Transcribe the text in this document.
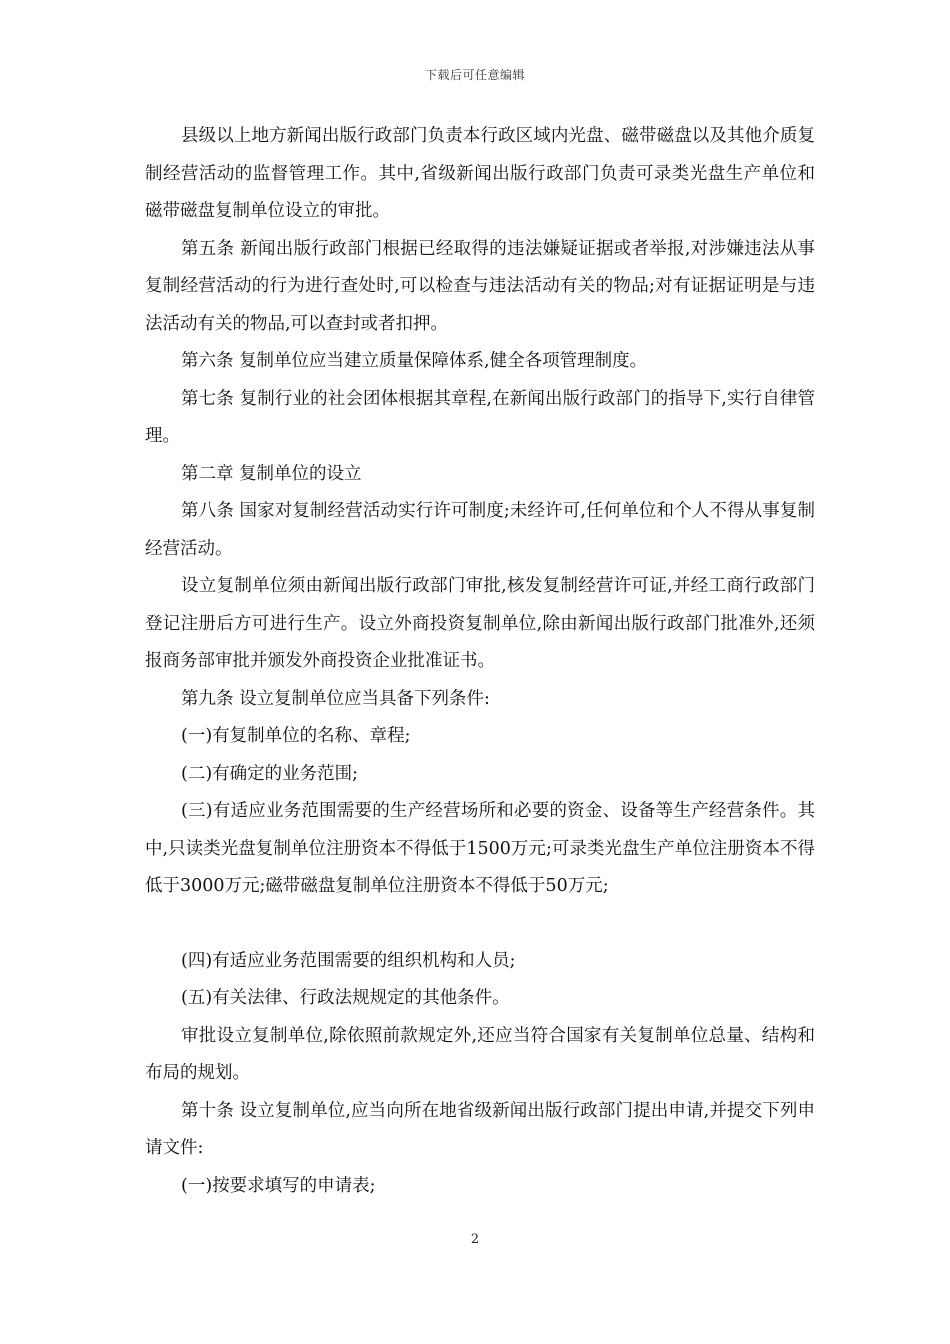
下载后可任意编辑

县级以上地方新闻出版行政部门负责本行政区域内光盘、磁带磁盘以及其他介质复制经营活动的监督管理工作。其中,省级新闻出版行政部门负责可录类光盘生产单位和磁带磁盘复制单位设立的审批。

第五条 新闻出版行政部门根据已经取得的违法嫌疑证据或者举报,对涉嫌违法从事复制经营活动的行为进行查处时,可以检查与违法活动有关的物品;对有证据证明是与违法活动有关的物品,可以查封或者扣押。

第六条 复制单位应当建立质量保障体系,健全各项管理制度。

第七条 复制行业的社会团体根据其章程,在新闻出版行政部门的指导下,实行自律管理。

第二章 复制单位的设立

第八条 国家对复制经营活动实行许可制度;未经许可,任何单位和个人不得从事复制经营活动。

设立复制单位须由新闻出版行政部门审批,核发复制经营许可证,并经工商行政部门登记注册后方可进行生产。设立外商投资复制单位,除由新闻出版行政部门批准外,还须报商务部审批并颁发外商投资企业批准证书。

第九条 设立复制单位应当具备下列条件:

(一)有复制单位的名称、章程;

(二)有确定的业务范围;

(三)有适应业务范围需要的生产经营场所和必要的资金、设备等生产经营条件。其中,只读类光盘复制单位注册资本不得低于1500万元;可录类光盘生产单位注册资本不得低于3000万元;磁带磁盘复制单位注册资本不得低于50万元;

(四)有适应业务范围需要的组织机构和人员;

(五)有关法律、行政法规规定的其他条件。

审批设立复制单位,除依照前款规定外,还应当符合国家有关复制单位总量、结构和布局的规划。

第十条 设立复制单位,应当向所在地省级新闻出版行政部门提出申请,并提交下列申请文件:

(一)按要求填写的申请表;

2
